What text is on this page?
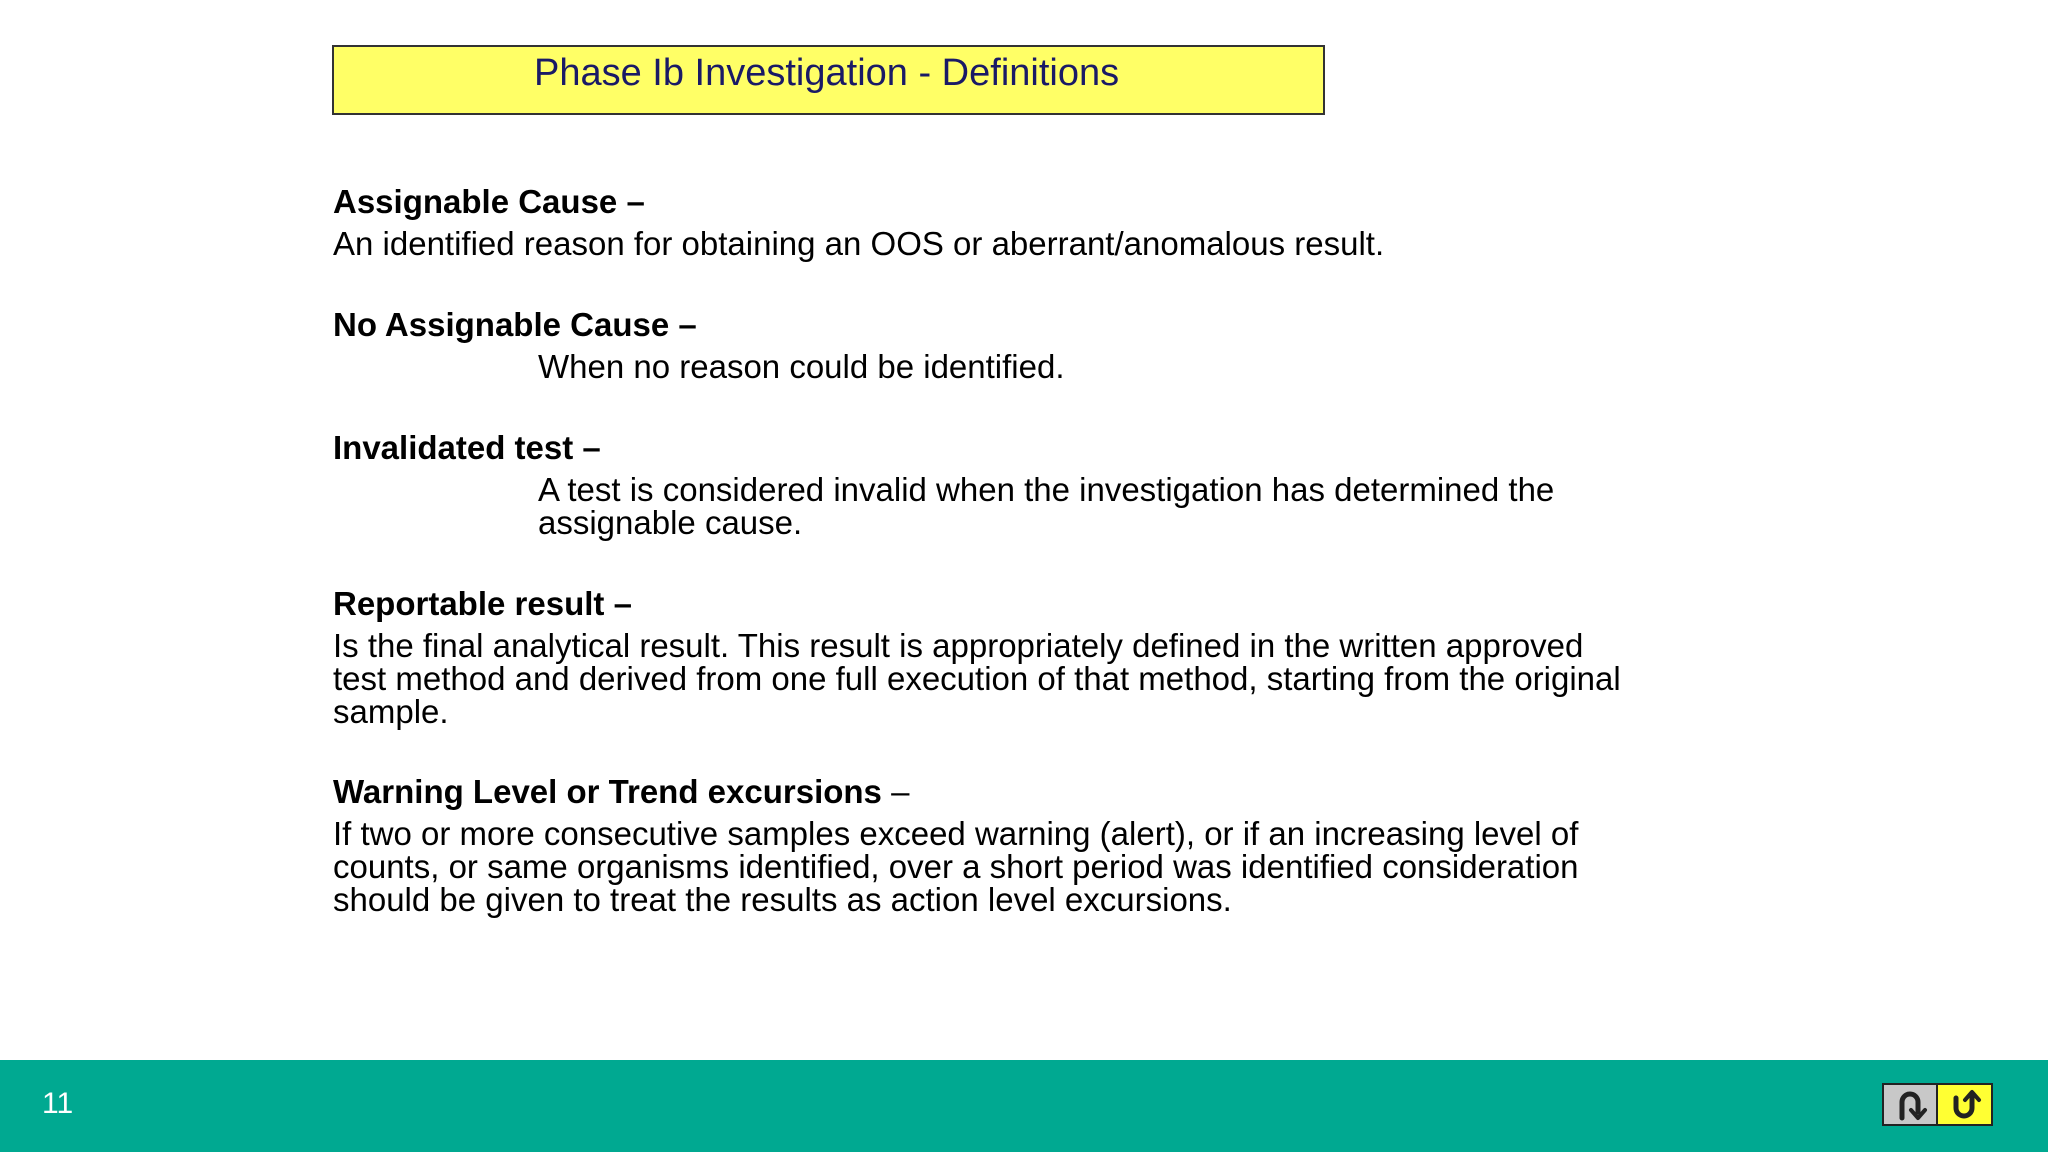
Phase Ib Investigation - Definitions
Assignable Cause –
An identified reason for obtaining an OOS or aberrant/anomalous result.
No Assignable Cause –
When no reason could be identified.
Invalidated test –
A test is considered invalid when the investigation has determined the
assignable cause.
Reportable result –
Is the final analytical result. This result is appropriately defined in the written approved
test method and derived from one full execution of that method, starting from the original
sample.
Warning Level or Trend excursions –
If two or more consecutive samples exceed warning (alert), or if an increasing level of
counts, or same organisms identified, over a short period was identified consideration
should be given to treat the results as action level excursions.
11
